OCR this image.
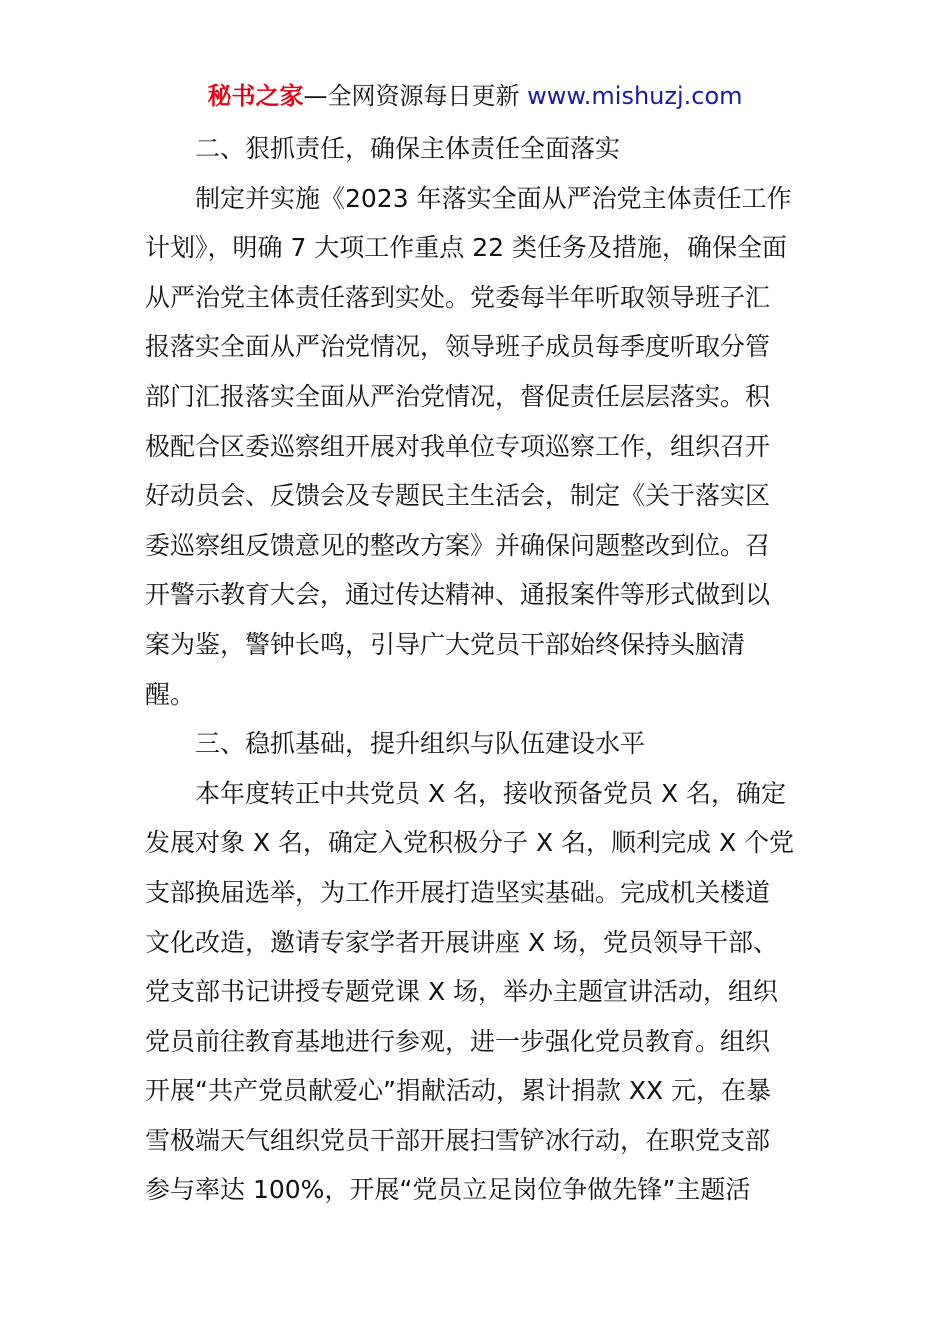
秘书之家—全网资源每日更新 www.mishuzj.com
二、狠抓责任，确保主体责任全面落实
制定并实施《2023 年落实全面从严治党主体责任工作
计划》，明确 7 大项工作重点 22 类任务及措施，确保全面
从严治党主体责任落到实处。党委每半年听取领导班子汇
报落实全面从严治党情况，领导班子成员每季度听取分管
部门汇报落实全面从严治党情况，督促责任层层落实。积
极配合区委巡察组开展对我单位专项巡察工作，组织召开
好动员会、反馈会及专题民主生活会，制定《关于落实区
委巡察组反馈意见的整改方案》并确保问题整改到位。召
开警示教育大会，通过传达精神、通报案件等形式做到以
案为鉴，警钟长鸣，引导广大党员干部始终保持头脑清
醒。
三、稳抓基础，提升组织与队伍建设水平
本年度转正中共党员 X 名，接收预备党员 X 名，确定
发展对象 X 名，确定入党积极分子 X 名，顺利完成 X 个党
支部换届选举，为工作开展打造坚实基础。完成机关楼道
文化改造，邀请专家学者开展讲座 X 场，党员领导干部、
党支部书记讲授专题党课 X 场，举办主题宣讲活动，组织
党员前往教育基地进行参观，进一步强化党员教育。组织
开展“共产党员献爱心”捐献活动，累计捐款 XX 元，在暴
雪极端天气组织党员干部开展扫雪铲冰行动，在职党支部
参与率达 100%，开展“党员立足岗位争做先锋”主题活
